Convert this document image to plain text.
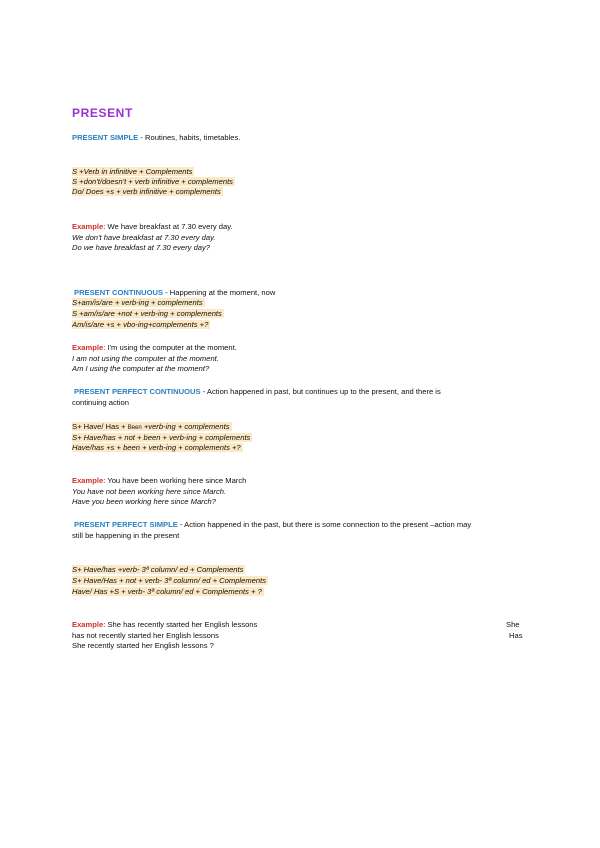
PRESENT
PRESENT SIMPLE - Routines, habits, timetables.
S +Verb in infinitive + Complements
S +don't/doesn't + verb infinitive + complements
Do/ Does +s + verb infinitive + complements
Example: We have breakfast at 7.30 every day.
We don't have breakfast at 7.30 every day.
Do we have breakfast at 7.30 every day?
PRESENT CONTINUOUS - Happening at the moment, now
S+am/is/are + verb-ing + complements
S +am/is/are +not + verb-ing + complements
Am/is/are +s + vbo-ing+complements +?
Example: I'm using the computer at the moment.
I am not using the computer at the moment.
Am I using the computer at the moment?
PRESENT PERFECT CONTINUOUS - Action happened in past, but continues up to the present, and there is
continuing action
S+ Have/ Has + Been +verb-ing + complements
S+ Have/has + not + been + verb-ing + complements
Have/has +s + been + verb-ing + complements +?
Example: You have been working here since March
You have not been working here since March.
Have you been working here since March?
PRESENT PERFECT SIMPLE - Action happened in the past, but there is some connection to the present –action may
still be happening in the present
S+ Have/has +verb- 3ª column/ ed + Complements
S+ Have/Has + not + verb- 3ª column/ ed + Complements
Have/ Has +S + verb- 3ª column/ ed + Complements + ?
Example: She has recently started her English lessons	She
has not recently started her English lessons	Has
She recently started her English lessons ?
